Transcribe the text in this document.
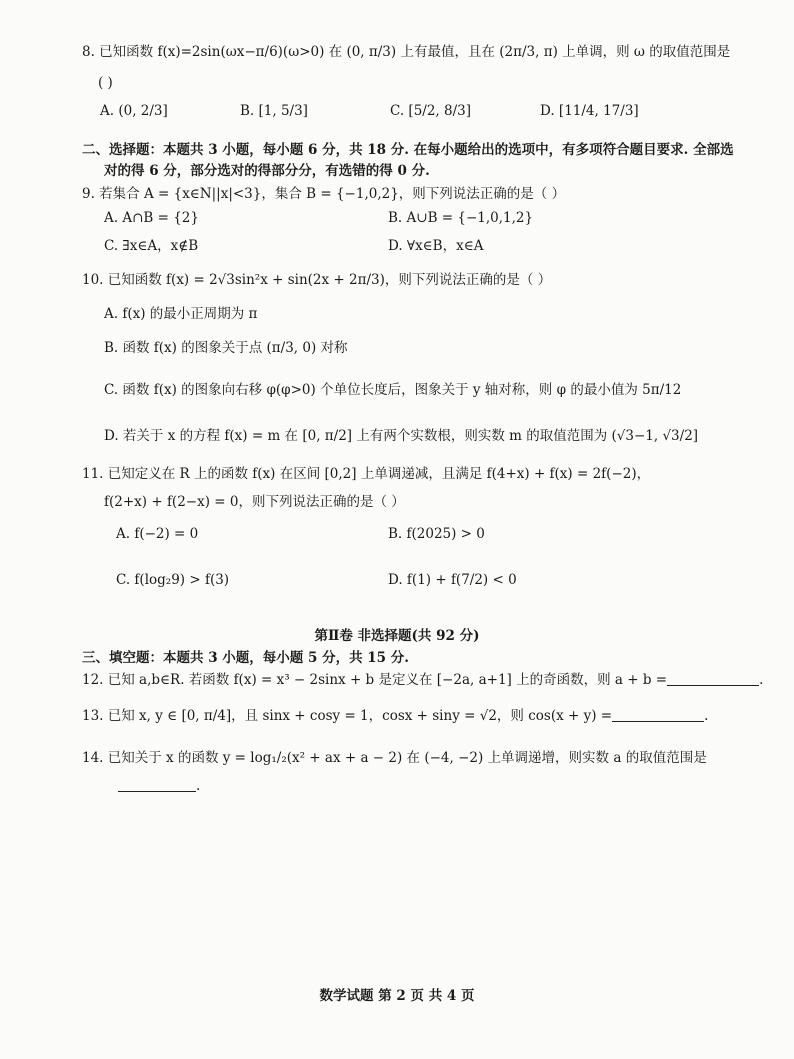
8. 已知函数 f(x)=2sin(ωx−π/6)(ω>0) 在 (0, π/3) 上有最值，且在 (2π/3, π) 上单调，则 ω 的取值范围是
( )
A. (0, 2/3]	B. [1, 5/3]	C. [5/2, 8/3]	D. [11/4, 17/3]
二、选择题：本题共 3 小题，每小题 6 分，共 18 分. 在每小题给出的选项中，有多项符合题目要求. 全部选
对的得 6 分，部分选对的得部分分，有选错的得 0 分.
9. 若集合 A = {x∈N||x|<3}，集合 B = {−1,0,2}，则下列说法正确的是（ ）
A. A∩B = {2}	B. A∪B = {−1,0,1,2}
C. ∃x∈A，x∉B	D. ∀x∈B，x∈A
10. 已知函数 f(x) = 2√3sin²x + sin(2x + 2π/3)，则下列说法正确的是（ ）
A. f(x) 的最小正周期为 π
B. 函数 f(x) 的图象关于点 (π/3, 0) 对称
C. 函数 f(x) 的图象向右移 φ(φ>0) 个单位长度后，图象关于 y 轴对称，则 φ 的最小值为 5π/12
D. 若关于 x 的方程 f(x) = m 在 [0, π/2] 上有两个实数根，则实数 m 的取值范围为 (√3−1, √3/2]
11. 已知定义在 R 上的函数 f(x) 在区间 [0,2] 上单调递减，且满足 f(4+x) + f(x) = 2f(−2)，
f(2+x) + f(2−x) = 0，则下列说法正确的是（ ）
A. f(−2) = 0	B. f(2025) > 0
C. f(log₂9) > f(3)	D. f(1) + f(7/2) < 0
第Ⅱ卷 非选择题(共 92 分)
三、填空题：本题共 3 小题，每小题 5 分，共 15 分.
12. 已知 a,b∈R. 若函数 f(x) = x³ − 2sinx + b 是定义在 [−2a, a+1] 上的奇函数，则 a + b =	.
13. 已知 x, y ∈ [0, π/4]，且 sinx + cosy = 1，cosx + siny = √2，则 cos(x + y) =	.
14. 已知关于 x 的函数 y = log₁/₂(x² + ax + a − 2) 在 (−4, −2) 上单调递增，则实数 a 的取值范围是
.
数学试题 第 2 页 共 4 页
